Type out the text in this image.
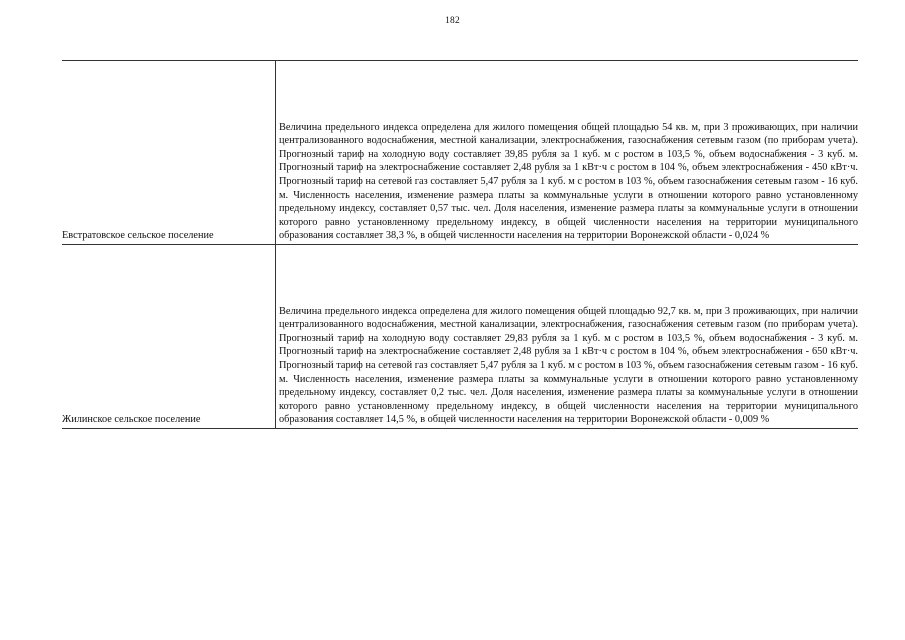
182
Евстратовское сельское поселение
Величина предельного индекса определена для жилого помещения общей площадью 54 кв. м, при 3 проживающих, при наличии централизованного водоснабжения, местной канализации, электроснабжения, газоснабжения сетевым газом (по приборам учета). Прогнозный тариф на холодную воду составляет 39,85 рубля за 1 куб. м с ростом в 103,5 %, объем водоснабжения - 3 куб. м. Прогнозный тариф на электроснабжение составляет 2,48 рубля за 1 кВт·ч с ростом в 104 %, объем электроснабжения - 450 кВт·ч. Прогнозный тариф на сетевой газ составляет 5,47 рубля за 1 куб. м с ростом в 103 %, объем газоснабжения сетевым газом - 16 куб. м. Численность населения, изменение размера платы за коммунальные услуги в отношении которого равно установленному предельному индексу, составляет 0,57 тыс. чел. Доля населения, изменение размера платы за коммунальные услуги в отношении которого равно установленному предельному индексу, в общей численности населения на территории муниципального образования составляет 38,3 %, в общей численности населения на территории Воронежской области - 0,024 %
Жилинское сельское поселение
Величина предельного индекса определена для жилого помещения общей площадью 92,7 кв. м, при 3 проживающих, при наличии централизованного водоснабжения, местной канализации, электроснабжения, газоснабжения сетевым газом (по приборам учета). Прогнозный тариф на холодную воду составляет 29,83 рубля за 1 куб. м с ростом в 103,5 %, объем водоснабжения - 3 куб. м. Прогнозный тариф на электроснабжение составляет 2,48 рубля за 1 кВт·ч с ростом в 104 %, объем электроснабжения - 650 кВт·ч. Прогнозный тариф на сетевой газ составляет 5,47 рубля за 1 куб. м с ростом в 103 %, объем газоснабжения сетевым газом - 16 куб. м. Численность населения, изменение размера платы за коммунальные услуги в отношении которого равно установленному предельному индексу, составляет 0,2 тыс. чел. Доля населения, изменение размера платы за коммунальные услуги в отношении которого равно установленному предельному индексу, в общей численности населения на территории муниципального образования составляет 14,5 %, в общей численности населения на территории Воронежской области - 0,009 %
